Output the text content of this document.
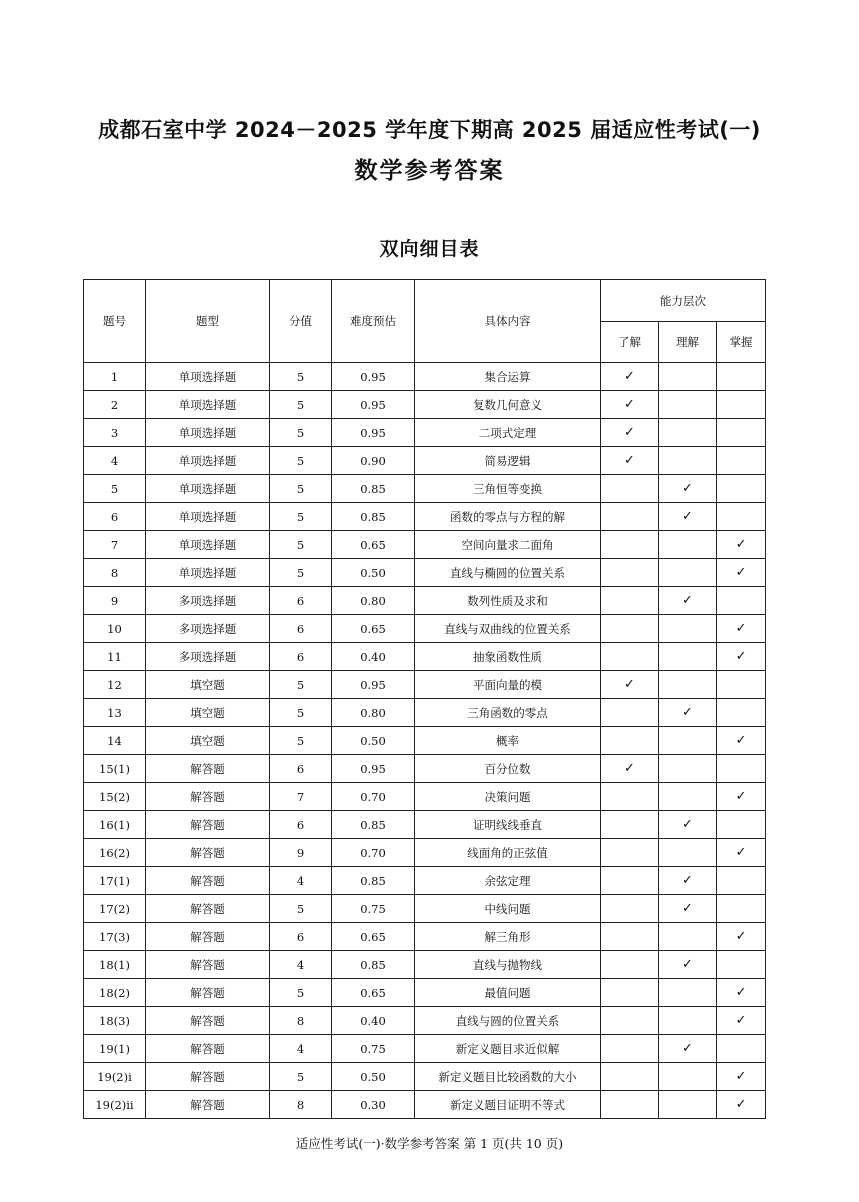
成都石室中学 2024－2025 学年度下期高 2025 届适应性考试(一)
数学参考答案
双向细目表
题号	题型	分值	难度预估	具体内容	能力层次		
					了解	理解	掌握
1	单项选择题	5	0.95	集合运算	✓		
2	单项选择题	5	0.95	复数几何意义	✓		
3	单项选择题	5	0.95	二项式定理	✓		
4	单项选择题	5	0.90	简易逻辑	✓		
5	单项选择题	5	0.85	三角恒等变换		✓	
6	单项选择题	5	0.85	函数的零点与方程的解		✓	
7	单项选择题	5	0.65	空间向量求二面角			✓
8	单项选择题	5	0.50	直线与椭圆的位置关系			✓
9	多项选择题	6	0.80	数列性质及求和		✓	
10	多项选择题	6	0.65	直线与双曲线的位置关系			✓
11	多项选择题	6	0.40	抽象函数性质			✓
12	填空题	5	0.95	平面向量的模	✓		
13	填空题	5	0.80	三角函数的零点		✓	
14	填空题	5	0.50	概率			✓
15(1)	解答题	6	0.95	百分位数	✓		
15(2)	解答题	7	0.70	决策问题			✓
16(1)	解答题	6	0.85	证明线线垂直		✓	
16(2)	解答题	9	0.70	线面角的正弦值			✓
17(1)	解答题	4	0.85	余弦定理		✓	
17(2)	解答题	5	0.75	中线问题		✓	
17(3)	解答题	6	0.65	解三角形			✓
18(1)	解答题	4	0.85	直线与抛物线		✓	
18(2)	解答题	5	0.65	最值问题			✓
18(3)	解答题	8	0.40	直线与圆的位置关系			✓
19(1)	解答题	4	0.75	新定义题目求近似解		✓	
19(2)ⅰ	解答题	5	0.50	新定义题目比较函数的大小			✓
19(2)ⅱ	解答题	8	0.30	新定义题目证明不等式			✓
适应性考试(一)·数学参考答案 第 1 页(共 10 页)
